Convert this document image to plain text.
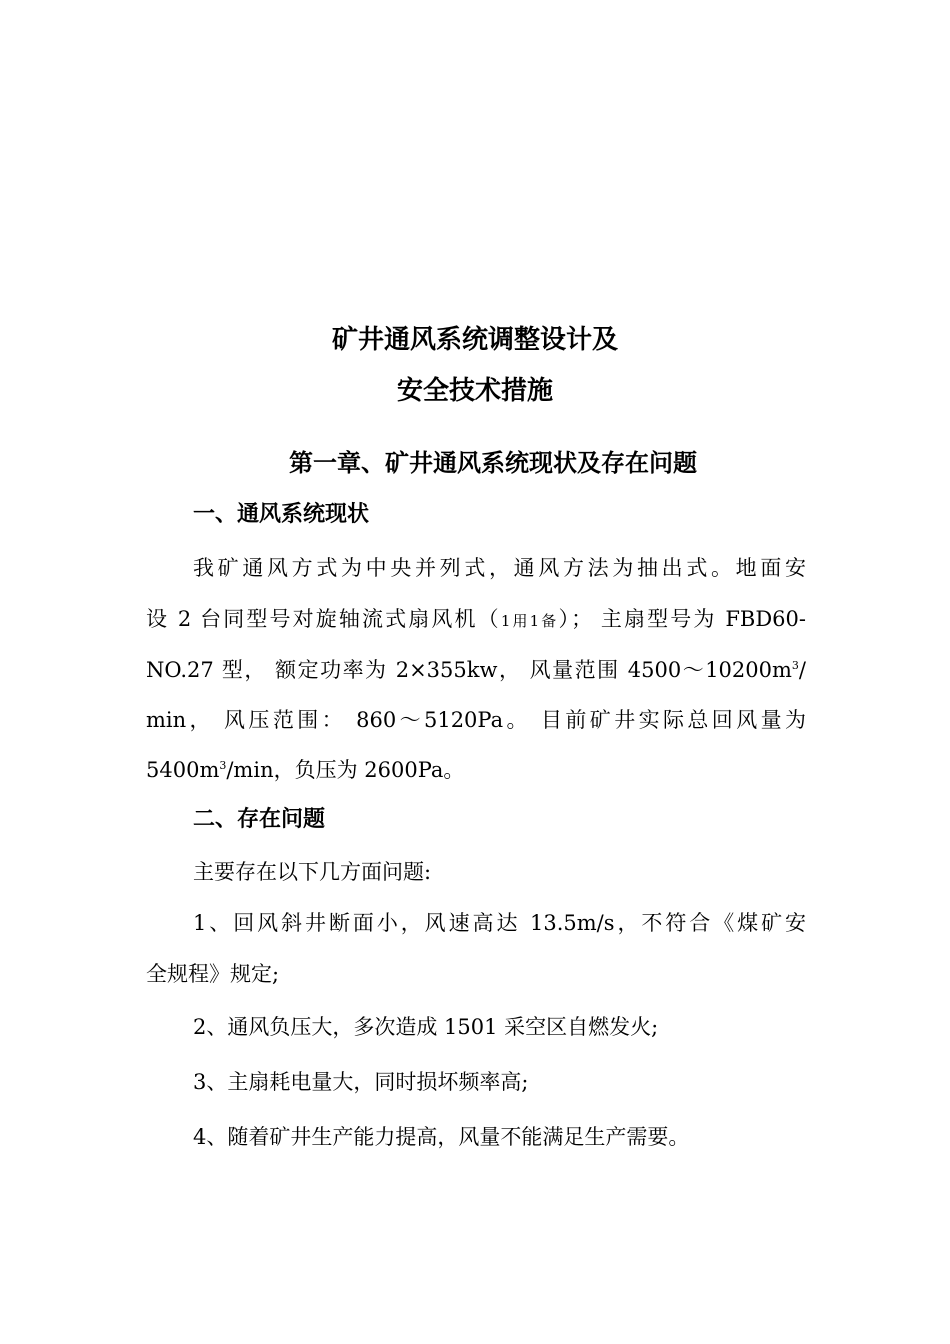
矿井通风系统调整设计及
安全技术措施
第一章、矿井通风系统现状及存在问题
一、通风系统现状
我矿通风方式为中央并列式，通风方法为抽出式。地面安
设 2 台同型号对旋轴流式扇风机（1用1备）； 主扇型号为 FBD60-
NO.27 型， 额定功率为 2×355kw， 风量范围 $4500\sim 10200m^3/$
min， 风压范围： 860～5120Pa。 目前矿井实际总回风量为
$5400m^3/\min$，负压为 2600Pa。
二、存在问题
主要存在以下几方面问题:
1、回风斜井断面小，风速高达 13.5m/s，不符合《煤矿安
全规程》规定;
2、通风负压大，多次造成 1501 采空区自燃发火;
3、主扇耗电量大，同时损坏频率高;
4、随着矿井生产能力提高，风量不能满足生产需要。
